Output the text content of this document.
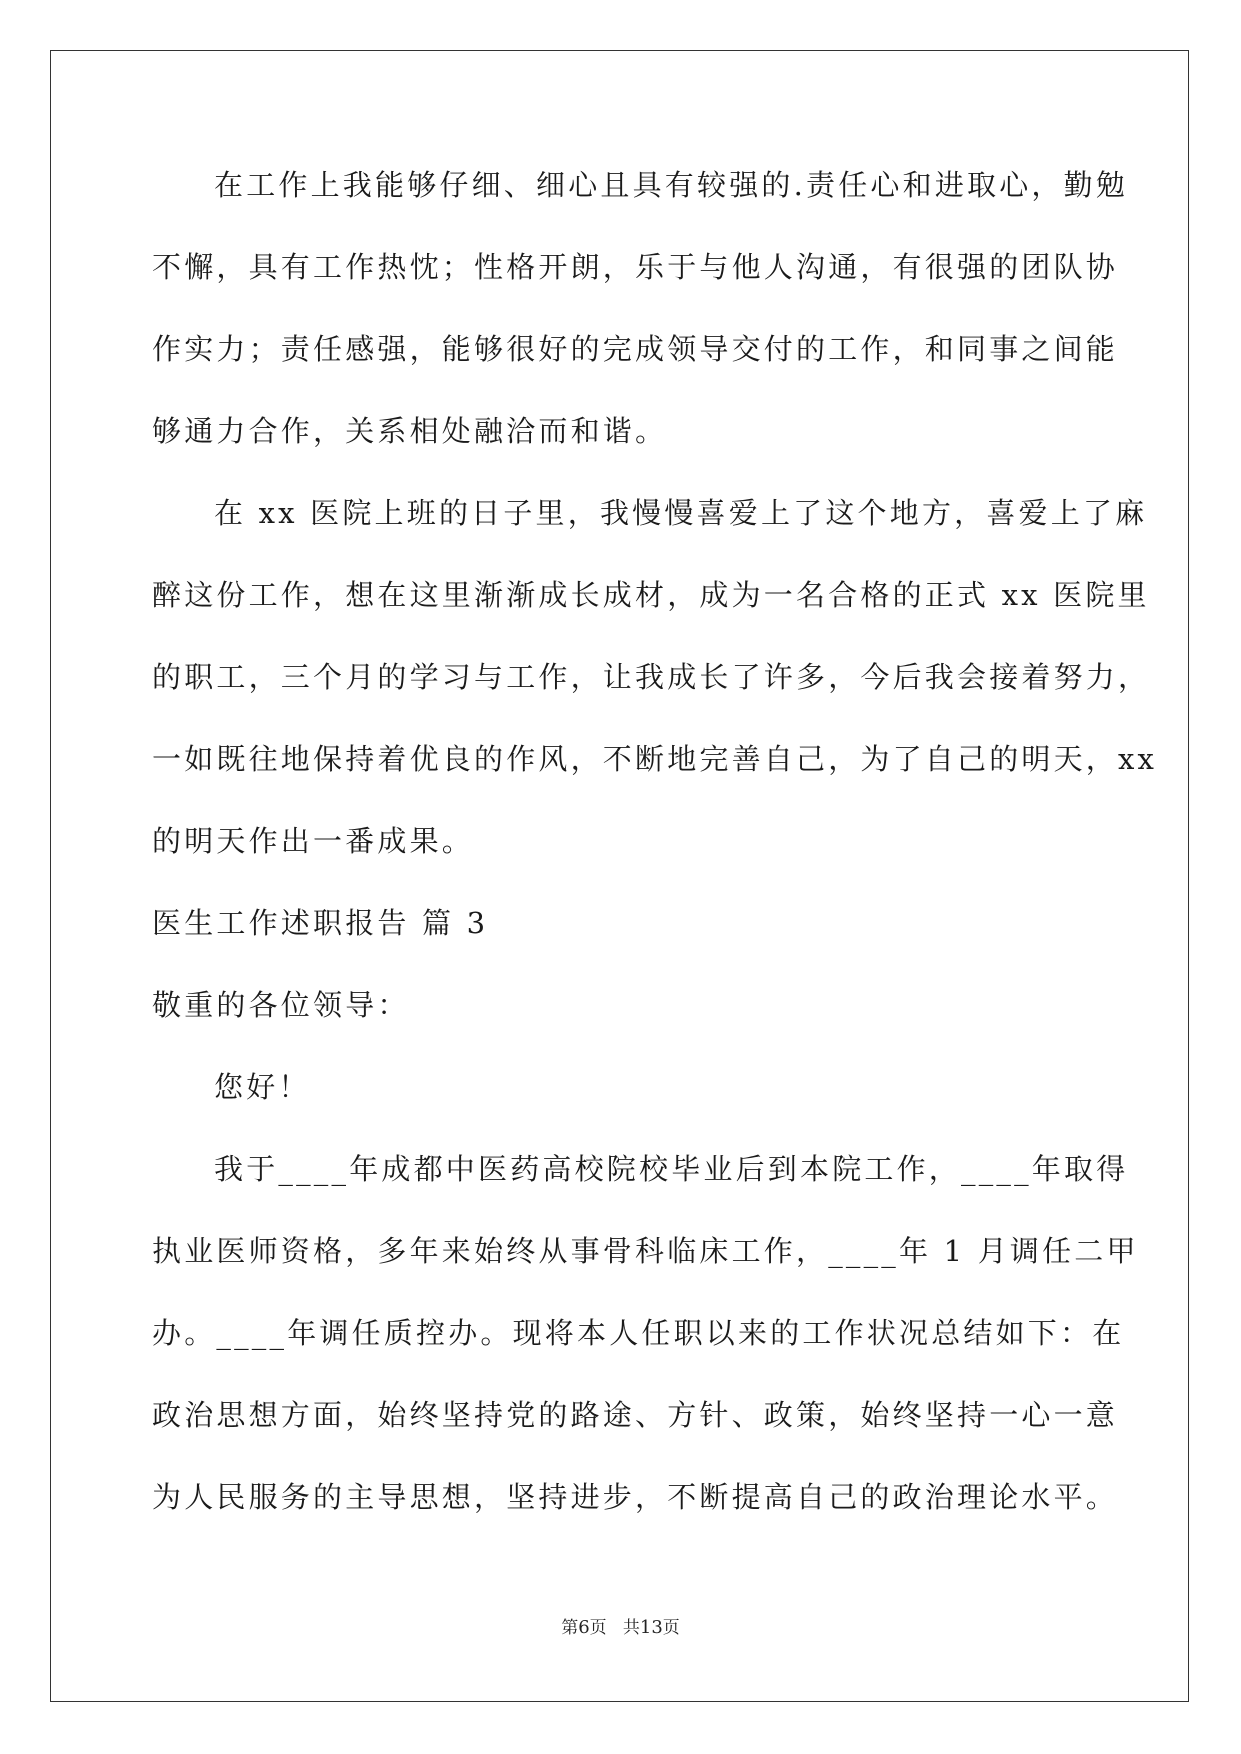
在工作上我能够仔细、细心且具有较强的.责任心和进取心，勤勉
不懈，具有工作热忱；性格开朗，乐于与他人沟通，有很强的团队协
作实力；责任感强，能够很好的完成领导交付的工作，和同事之间能
够通力合作，关系相处融洽而和谐。
在 xx 医院上班的日子里，我慢慢喜爱上了这个地方，喜爱上了麻
醉这份工作，想在这里渐渐成长成材，成为一名合格的正式 xx 医院里
的职工，三个月的学习与工作，让我成长了许多，今后我会接着努力，
一如既往地保持着优良的作风，不断地完善自己，为了自己的明天，xx
的明天作出一番成果。
医生工作述职报告 篇 3
敬重的各位领导：
您好！
我于____年成都中医药高校院校毕业后到本院工作，____年取得
执业医师资格，多年来始终从事骨科临床工作，____年 1 月调任二甲
办。____年调任质控办。现将本人任职以来的工作状况总结如下：在
政治思想方面，始终坚持党的路途、方针、政策，始终坚持一心一意
为人民服务的主导思想，坚持进步，不断提高自己的政治理论水平。
第6页 共13页
